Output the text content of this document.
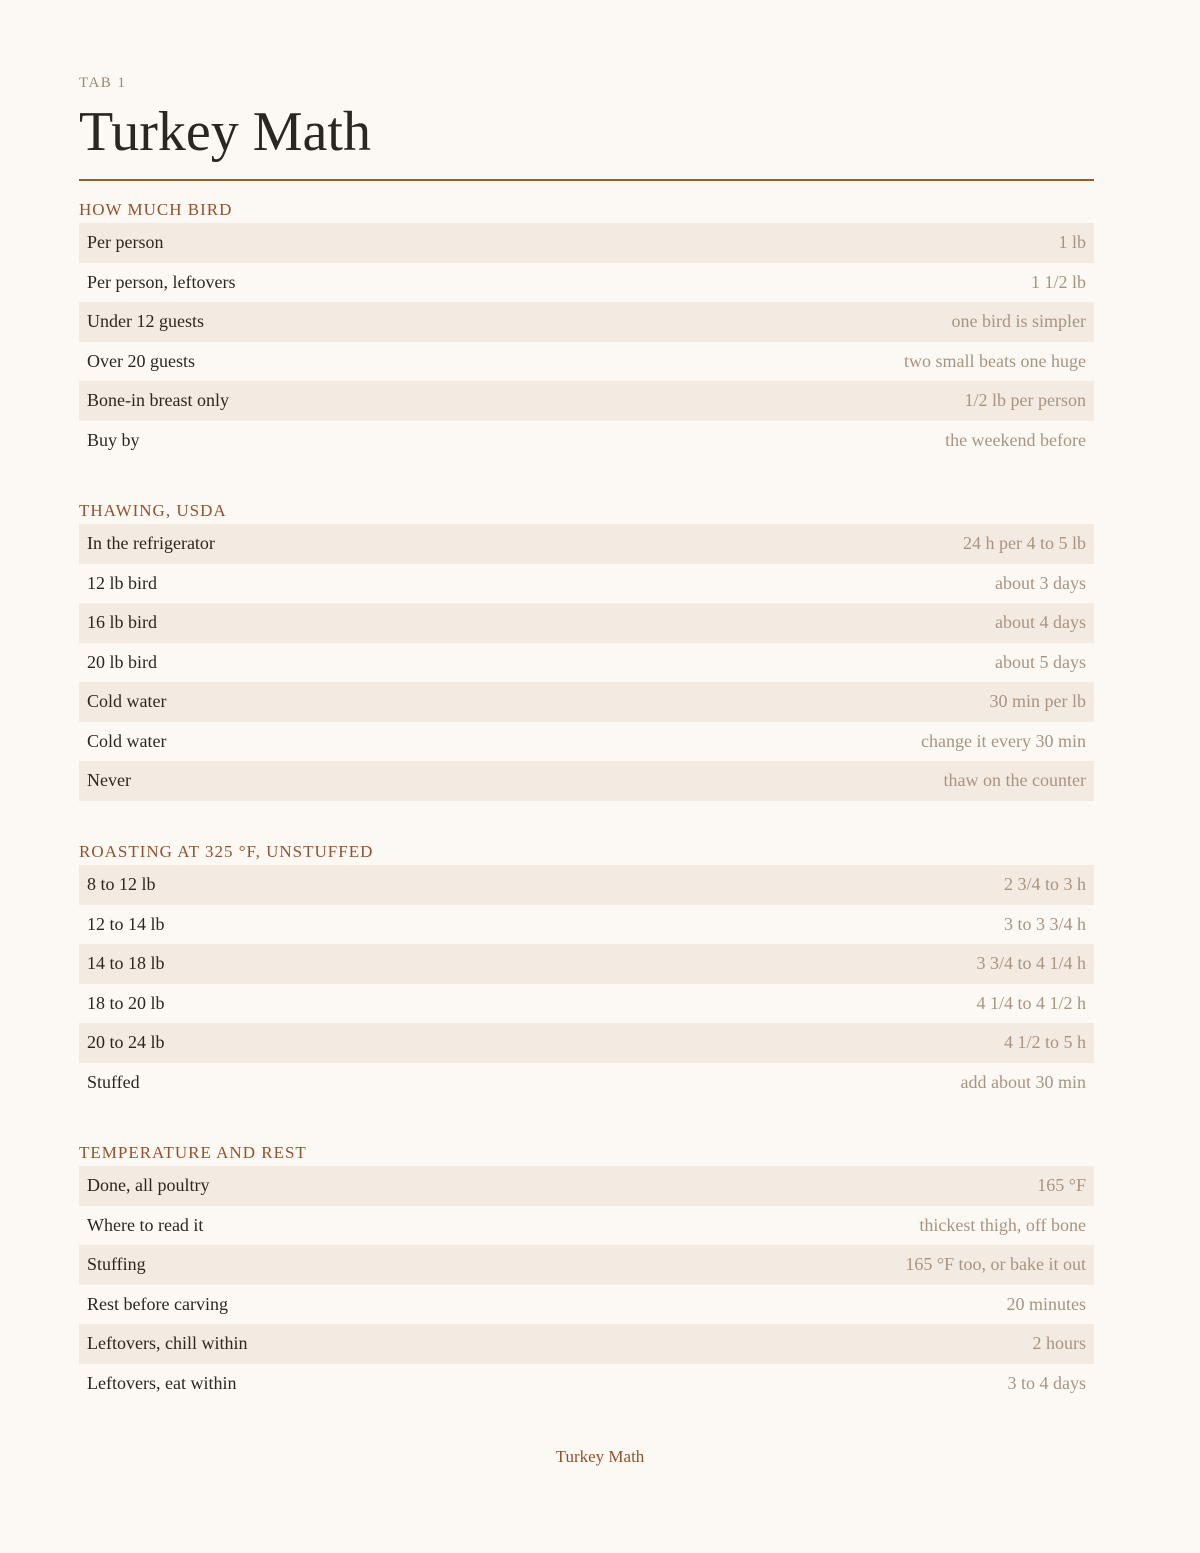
TAB 1
Turkey Math
HOW MUCH BIRD
Per person	1 lb
Per person, leftovers	1 1/2 lb
Under 12 guests	one bird is simpler
Over 20 guests	two small beats one huge
Bone-in breast only	1/2 lb per person
Buy by	the weekend before
THAWING, USDA
In the refrigerator	24 h per 4 to 5 lb
12 lb bird	about 3 days
16 lb bird	about 4 days
20 lb bird	about 5 days
Cold water	30 min per lb
Cold water	change it every 30 min
Never	thaw on the counter
ROASTING AT 325 °F, UNSTUFFED
8 to 12 lb	2 3/4 to 3 h
12 to 14 lb	3 to 3 3/4 h
14 to 18 lb	3 3/4 to 4 1/4 h
18 to 20 lb	4 1/4 to 4 1/2 h
20 to 24 lb	4 1/2 to 5 h
Stuffed	add about 30 min
TEMPERATURE AND REST
Done, all poultry	165 °F
Where to read it	thickest thigh, off bone
Stuffing	165 °F too, or bake it out
Rest before carving	20 minutes
Leftovers, chill within	2 hours
Leftovers, eat within	3 to 4 days
Turkey Math
